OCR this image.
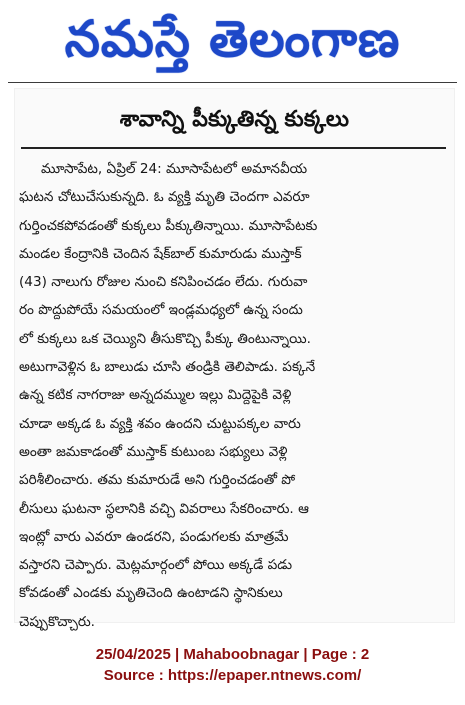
నమస్తే తెలంగాణ
శావాన్ని పీక్కుతిన్న కుక్కలు
మూసాపేట, ఏప్రిల్ 24: మూసాపేటలో అమానవీయ
ఘటన చోటుచేసుకున్నది. ఓ వ్యక్తి మృతి చెందగా ఎవరూ
గుర్తించకపోవడంతో కుక్కలు పీక్కుతిన్నాయి. మూసాపేటకు
మండల కేంద్రానికి చెందిన షేక్‌బాల్ కుమారుడు ముస్తాక్
(43) నాలుగు రోజుల నుంచి కనిపించడం లేదు. గురువా
రం పొద్దుపోయే సమయంలో ఇండ్లమధ్యలో ఉన్న సందు
లో కుక్కలు ఒక చెయ్యిని తీసుకొచ్చి పీక్కు తింటున్నాయి.
అటుగావెళ్లిన ఓ బాలుడు చూసి తండ్రికి తెలిపాడు. పక్కనే
ఉన్న కటిక నాగరాజు అన్నదమ్ముల ఇల్లు మిద్దెపైకి వెళ్లి
చూడా అక్కడ ఓ వ్యక్తి శవం ఉందని చుట్టుపక్కల వారు
అంతా జమకాడంతో ముస్తాక్ కుటుంబ సభ్యులు వెళ్లి
పరిశీలించారు. తమ కుమారుడే అని గుర్తించడంతో పో
లీసులు ఘటనా స్థలానికి వచ్చి వివరాలు సేకరించారు. ఆ
ఇంట్లో వారు ఎవరూ ఉండరని, పండుగలకు మాత్రమే
వస్తారని చెప్పారు. మెట్లమార్గంలో పోయి అక్కడే పడు
కోవడంతో ఎండకు మృతిచెంది ఉంటాడని స్థానికులు
చెప్పుకొచ్చారు.
25/04/2025 | Mahaboobnagar | Page : 2
Source : https://epaper.ntnews.com/
